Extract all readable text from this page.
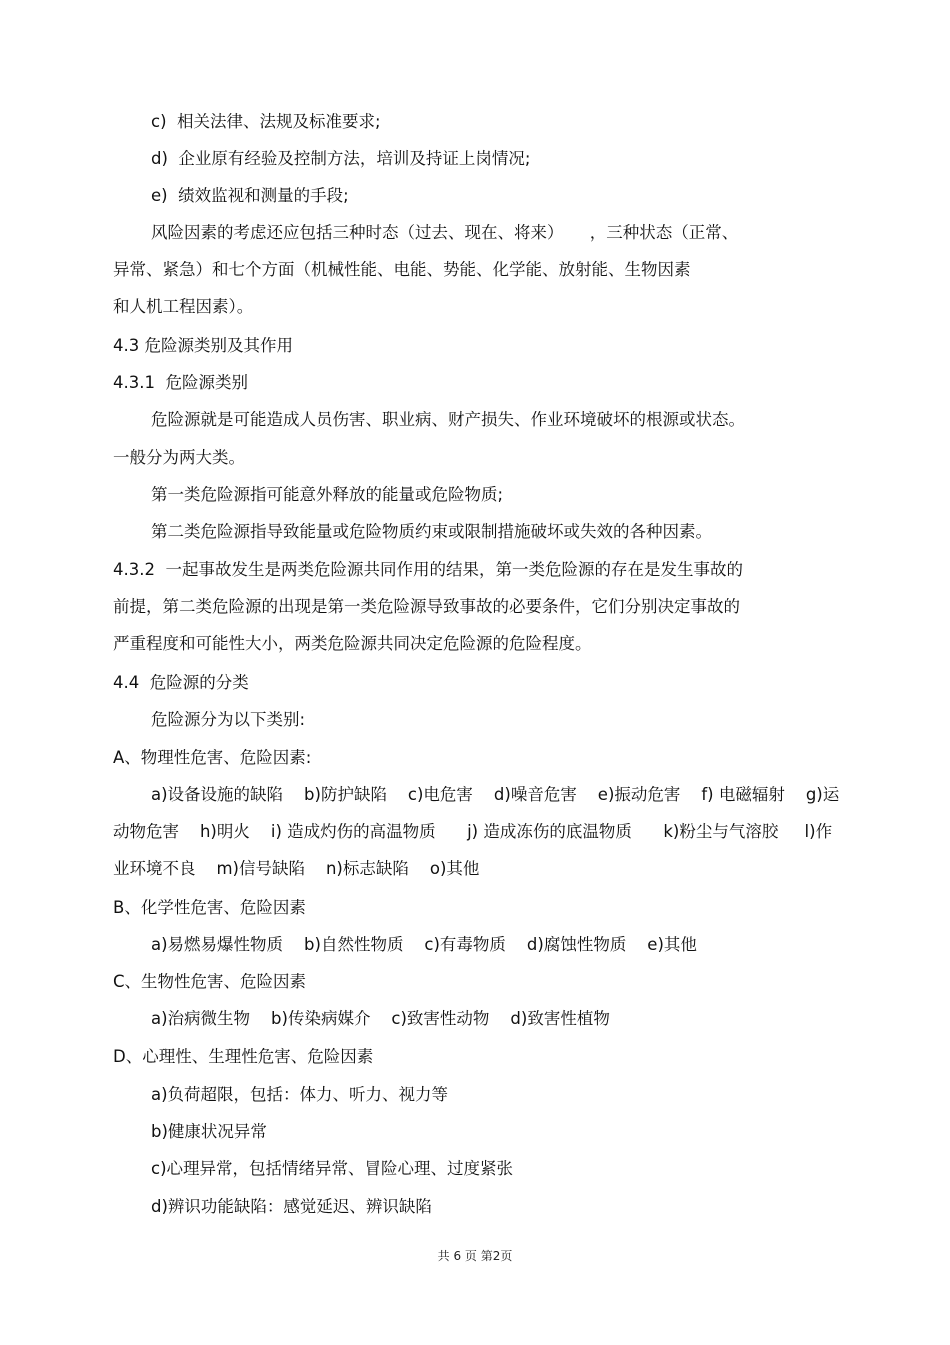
c)  相关法律、法规及标准要求;
d)  企业原有经验及控制方法，培训及持证上岗情况;
e)  绩效监视和测量的手段;
风险因素的考虑还应包括三种时态（过去、现在、将来）     ，三种状态（正常、
异常、紧急）和七个方面（机械性能、电能、势能、化学能、放射能、生物因素
和人机工程因素）。
4.3 危险源类别及其作用
4.3.1  危险源类别
危险源就是可能造成人员伤害、职业病、财产损失、作业环境破坏的根源或状态。
一般分为两大类。
第一类危险源指可能意外释放的能量或危险物质;
第二类危险源指导致能量或危险物质约束或限制措施破坏或失效的各种因素。
4.3.2  一起事故发生是两类危险源共同作用的结果，第一类危险源的存在是发生事故的
前提，第二类危险源的出现是第一类危险源导致事故的必要条件，它们分别决定事故的
严重程度和可能性大小，两类危险源共同决定危险源的危险程度。
4.4  危险源的分类
危险源分为以下类别:
A、物理性危害、危险因素:
a)设备设施的缺陷    b)防护缺陷    c)电危害    d)噪音危害    e)振动危害    f) 电磁辐射    g)运
动物危害    h)明火    i) 造成灼伤的高温物质      j) 造成冻伤的底温物质      k)粉尘与气溶胶     l)作
业环境不良    m)信号缺陷    n)标志缺陷    o)其他
B、化学性危害、危险因素
a)易燃易爆性物质    b)自然性物质    c)有毒物质    d)腐蚀性物质    e)其他
C、生物性危害、危险因素
a)治病微生物    b)传染病媒介    c)致害性动物    d)致害性植物
D、心理性、生理性危害、危险因素
a)负荷超限，包括：体力、听力、视力等
b)健康状况异常
c)心理异常，包括情绪异常、冒险心理、过度紧张
d)辨识功能缺陷：感觉延迟、辨识缺陷
共 6 页 第2页
